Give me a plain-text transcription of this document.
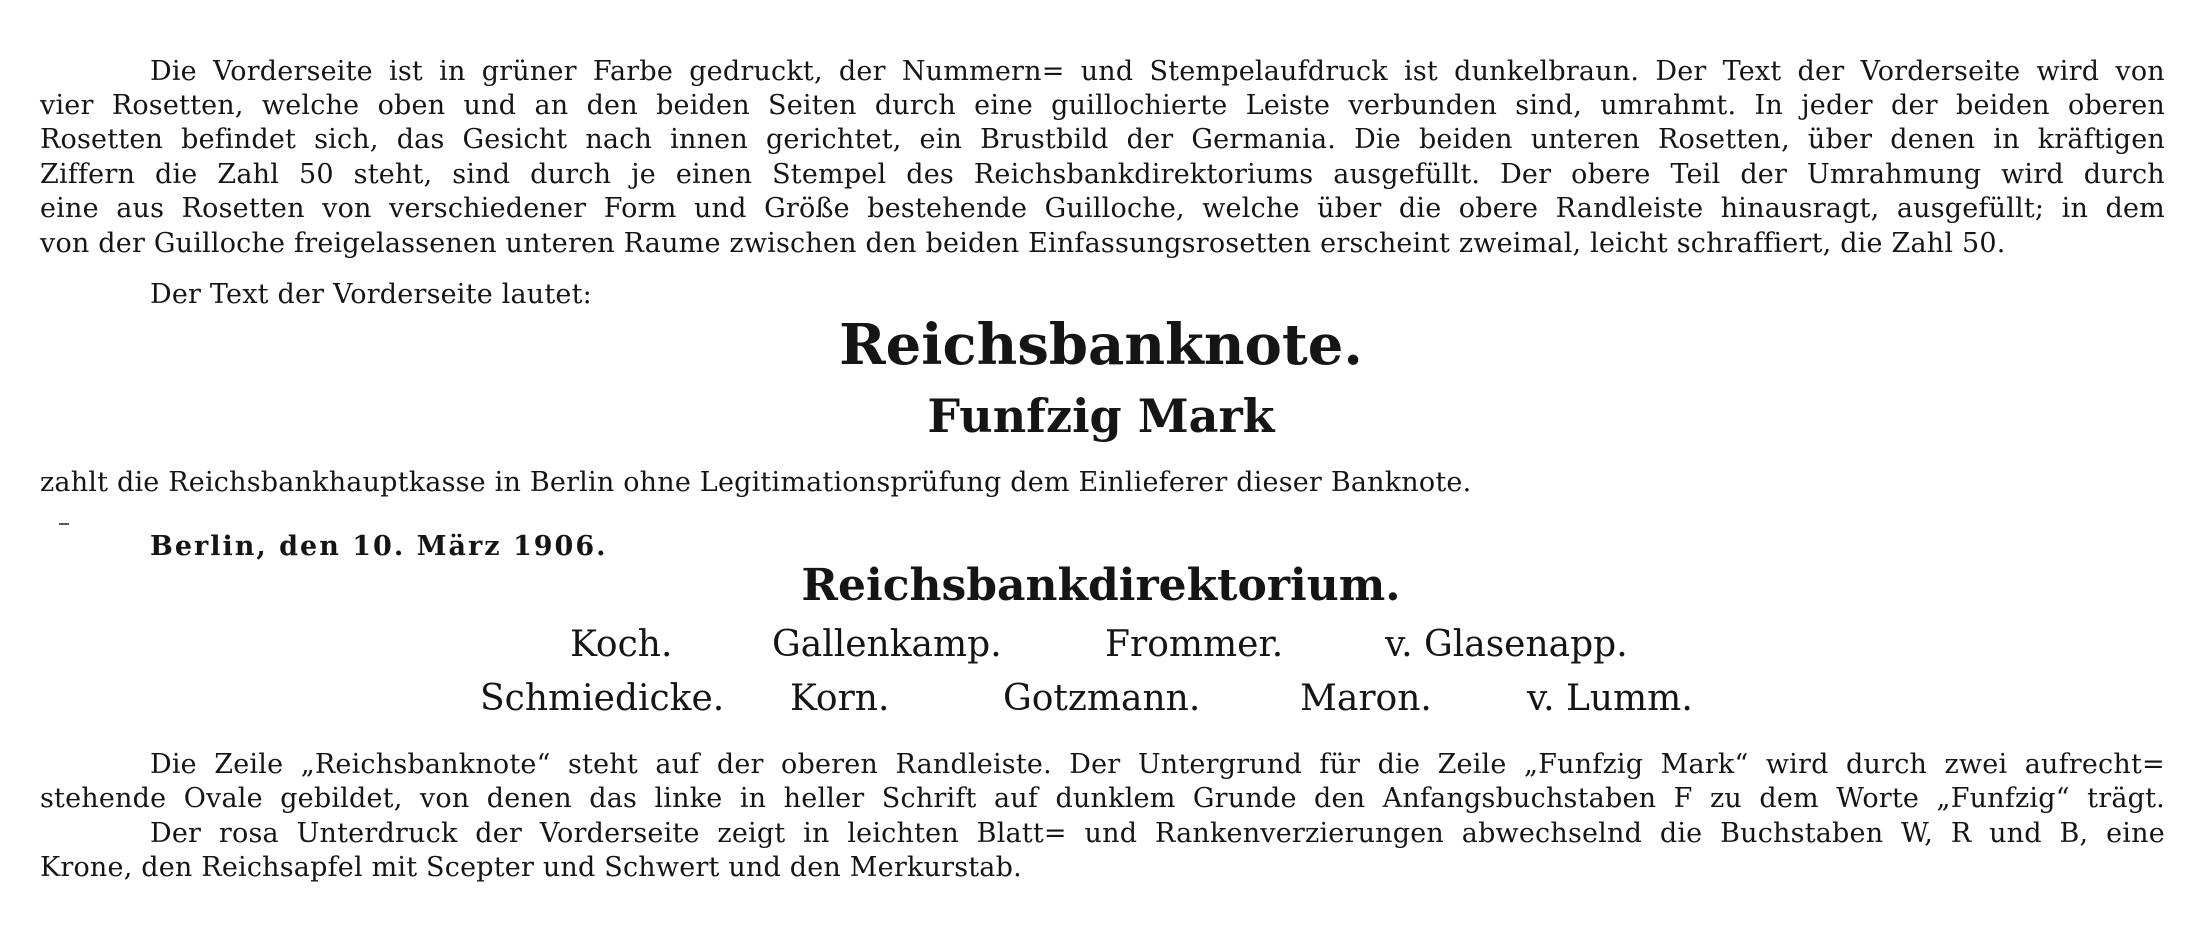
Die Vorderseite ist in grüner Farbe gedruckt, der Nummern= und Stempelaufdruck ist dunkelbraun. Der Text der Vorderseite wird von
vier Rosetten, welche oben und an den beiden Seiten durch eine guillochierte Leiste verbunden sind, umrahmt. In jeder der beiden oberen
Rosetten befindet sich, das Gesicht nach innen gerichtet, ein Brustbild der Germania. Die beiden unteren Rosetten, über denen in kräftigen
Ziffern die Zahl 50 steht, sind durch je einen Stempel des Reichsbankdirektoriums ausgefüllt. Der obere Teil der Umrahmung wird durch
eine aus Rosetten von verschiedener Form und Größe bestehende Guilloche, welche über die obere Randleiste hinausragt, ausgefüllt; in dem
von der Guilloche freigelassenen unteren Raume zwischen den beiden Einfassungsrosetten erscheint zweimal, leicht schraffiert, die Zahl 50.
Der Text der Vorderseite lautet:
Reichsbanknote.
Funfzig Mark
zahlt die Reichsbankhauptkasse in Berlin ohne Legitimationsprüfung dem Einlieferer dieser Banknote.
Berlin, den 10. März 1906.
Reichsbankdirektorium.
Koch.	Gallenkamp.	Frommer.	v. Glasenapp.
Schmiedicke. Korn.	Gotzmann.	Maron.	v. Lumm.
Die Zeile „Reichsbanknote“ steht auf der oberen Randleiste. Der Untergrund für die Zeile „Funfzig Mark“ wird durch zwei aufrecht=
stehende Ovale gebildet, von denen das linke in heller Schrift auf dunklem Grunde den Anfangsbuchstaben F zu dem Worte „Funfzig“ trägt.
Der rosa Unterdruck der Vorderseite zeigt in leichten Blatt= und Rankenverzierungen abwechselnd die Buchstaben W, R und B, eine
Krone, den Reichsapfel mit Scepter und Schwert und den Merkurstab.
